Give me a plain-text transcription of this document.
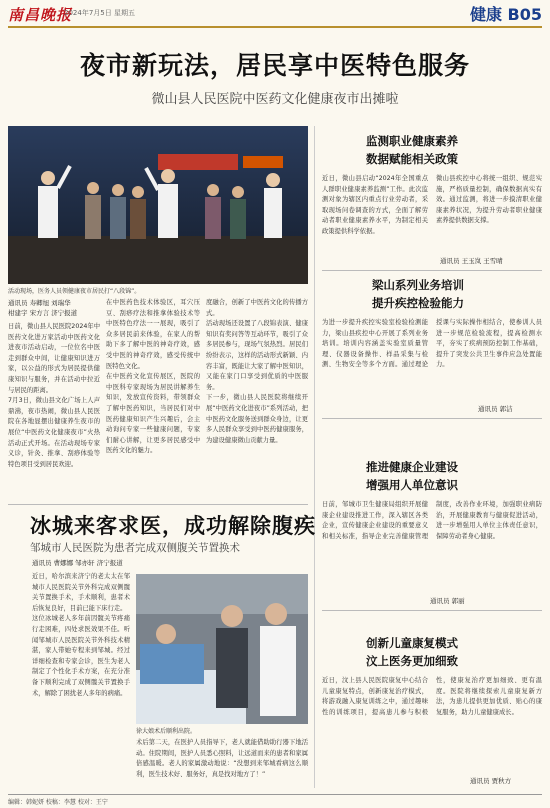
南昌晚报
2024年7月5日 星期五	健康 B05
夜市新玩法，居民享中医特色服务
微山县人民医院中医药文化健康夜市出摊啦
活动现场，医务人员领健康夜市居民打“八段锦”。
通讯员 寿卿旭 刘瑞华
柑建宇 宋方言 济宁报道
日前，微山县人民医院2024年中医药文化进万家活动中医药文化进夜市活动启动，一位位名中医走到群众中间，让健康知识进万家，以公益的形式为居民提供健康知识与服务，并在活动中拉近与居民的距离。
7月3日，微山县文化广场上人声鼎沸，夜市热闹，微山县人民医院在各地显摆出健康养生夜市的展位“中医药文化健康夜市”火热活动正式开场。在活动现场专家义诊，针灸、推拿、刮痧体验等特色项目受到居民欢迎。
在中医药色技术体验区，耳穴压豆、刮痧疗法和推拿体验技术等中医特色疗法一一展现，吸引了众多居民前来体验，在家人的帮助下多了解中医的神奇疗效，感受中医的神奇疗效，感受传统中医特色文化。
在中医药文化宣传展区，医院的中医科专家现场为居民讲解养生知识，发放宣传资料，带领群众了解中医药知识，当居民们对中医药健康知识产生兴趣后，会主动询问专家一些健康问题，专家们耐心讲解，让更多居民感受中医药文化的魅力。
度融合，创新了中医药文化的传播方式。
活动现场还设置了八段锦表演、健康知识有奖问答等互动环节，吸引了众多居民参与，现场气氛热烈。居民们纷纷表示，这样的活动形式新颖、内容丰富，既能让大家了解中医知识，又能在家门口享受到优质的中医服务。
下一步，微山县人民医院将继续开展“中医药文化进夜市”系列活动，把中医药文化服务送到群众身边，让更多人民群众享受到中医药健康服务，为建设健康微山贡献力量。
监测职业健康素养
数据赋能相关政策
近日，微山县启动“2024年全国重点人群职业健康素养监测”工作。此次监测对象为辖区内重点行业劳动者，采取现场问卷调查的方式，全面了解劳动者职业健康素养水平，为制定相关政策提供科学依据。
微山县疾控中心将统一组织、规范实施，严格质量控制，确保数据真实有效。通过监测，将进一步摸清职业健康素养状况，为提升劳动者职业健康素养提供数据支撑。
通讯员 王玉岚 王雪晴
梁山系列业务培训
提升疾控检验能力
为进一步提升疾控实验室检验检测能力，梁山县疾控中心开展了系列业务培训。培训内容涵盖实验室质量管理、仪器设备操作、样品采集与检测、生物安全等多个方面。通过理论授课与实际操作相结合，使参训人员进一步规范检验流程，提高检测水平，夯实了疾病预防控制工作基础，提升了突发公共卫生事件应急处置能力。
通讯员 郭洁
推进健康企业建设
增强用人单位意识
日前，邹城市卫生健康局组织开展健康企业建设推进工作，深入辖区各类企业，宣传健康企业建设的重要意义和相关标准，指导企业完善健康管理制度，改善作业环境，加强职业病防治，开展健康教育与健康促进活动，进一步增强用人单位主体责任意识，保障劳动者身心健康。
通讯员 郭丽
创新儿童康复模式
汶上医务更加细致
近日，汶上县人民医院康复中心结合儿童康复特点，创新康复治疗模式，将游戏融入康复训练之中，通过趣味性的训练项目，提高患儿参与积极性，使康复治疗更加细致、更有温度。医院将继续探索儿童康复新方法，为患儿提供更加优质、贴心的康复服务，助力儿童健康成长。
通讯员 贾秋方
冰城来客求医，成功解除腹疾
邹城市人民医院为患者完成双侧腹关节置换术
通讯员 曹娜娜 邹亦轩 济宁报道
近日，哈尔滨来济宁的老太太在邹城市人民医院关节外科完成双侧髋关节置换手术，手术顺利，患者术后恢复良好，目前已能下床行走。
这位冰城老人多年前因髋关节疼痛行走困难，四处求医效果不佳。听闻邹城市人民医院关节外科技术精湛，家人带她专程来到邹城。经过详细检查和专家会诊，医生为老人制定了个性化手术方案，在充分准备下顺利完成了双侧髋关节置换手术，解除了困扰老人多年的病痛。
徐大娘术后顺利出院。
术后第二天，在医护人员指导下，老人就能借助助行器下地活动。住院期间，医护人员悉心照料，让远道而来的患者和家属倍感温暖。老人的家属激动地说：“没想到来邹城看病这么顺利，医生技术好、服务好，真是找对地方了！”
编辑：韩妮妍 校稿：李慧 校对：王宁
